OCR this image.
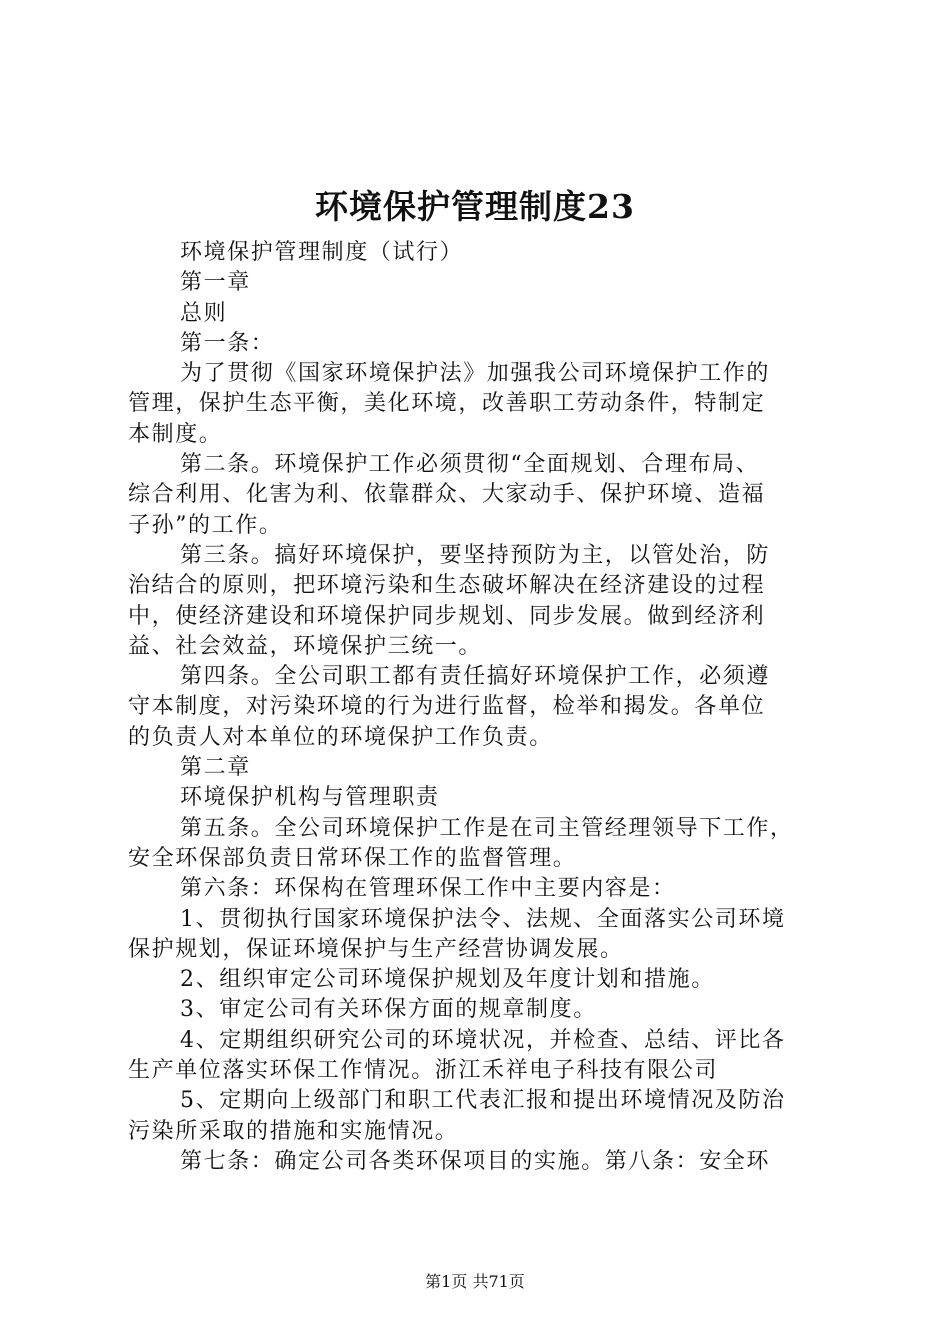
环境保护管理制度23
环境保护管理制度（试行）
第一章
总则
第一条：
为了贯彻《国家环境保护法》加强我公司环境保护工作的
管理，保护生态平衡，美化环境，改善职工劳动条件，特制定
本制度。
第二条。环境保护工作必须贯彻“全面规划、合理布局、
综合利用、化害为利、依靠群众、大家动手、保护环境、造福
子孙”的工作。
第三条。搞好环境保护，要坚持预防为主，以管处治，防
治结合的原则，把环境污染和生态破坏解决在经济建设的过程
中，使经济建设和环境保护同步规划、同步发展。做到经济利
益、社会效益，环境保护三统一。
第四条。全公司职工都有责任搞好环境保护工作，必须遵
守本制度，对污染环境的行为进行监督，检举和揭发。各单位
的负责人对本单位的环境保护工作负责。
第二章
环境保护机构与管理职责
第五条。全公司环境保护工作是在司主管经理领导下工作，
安全环保部负责日常环保工作的监督管理。
第六条：环保构在管理环保工作中主要内容是：
1、贯彻执行国家环境保护法令、法规、全面落实公司环境
保护规划，保证环境保护与生产经营协调发展。
2、组织审定公司环境保护规划及年度计划和措施。
3、审定公司有关环保方面的规章制度。
4、定期组织研究公司的环境状况，并检查、总结、评比各
生产单位落实环保工作情况。浙江禾祥电子科技有限公司
5、定期向上级部门和职工代表汇报和提出环境情况及防治
污染所采取的措施和实施情况。
第七条：确定公司各类环保项目的实施。第八条：安全环
第1页 共71页
